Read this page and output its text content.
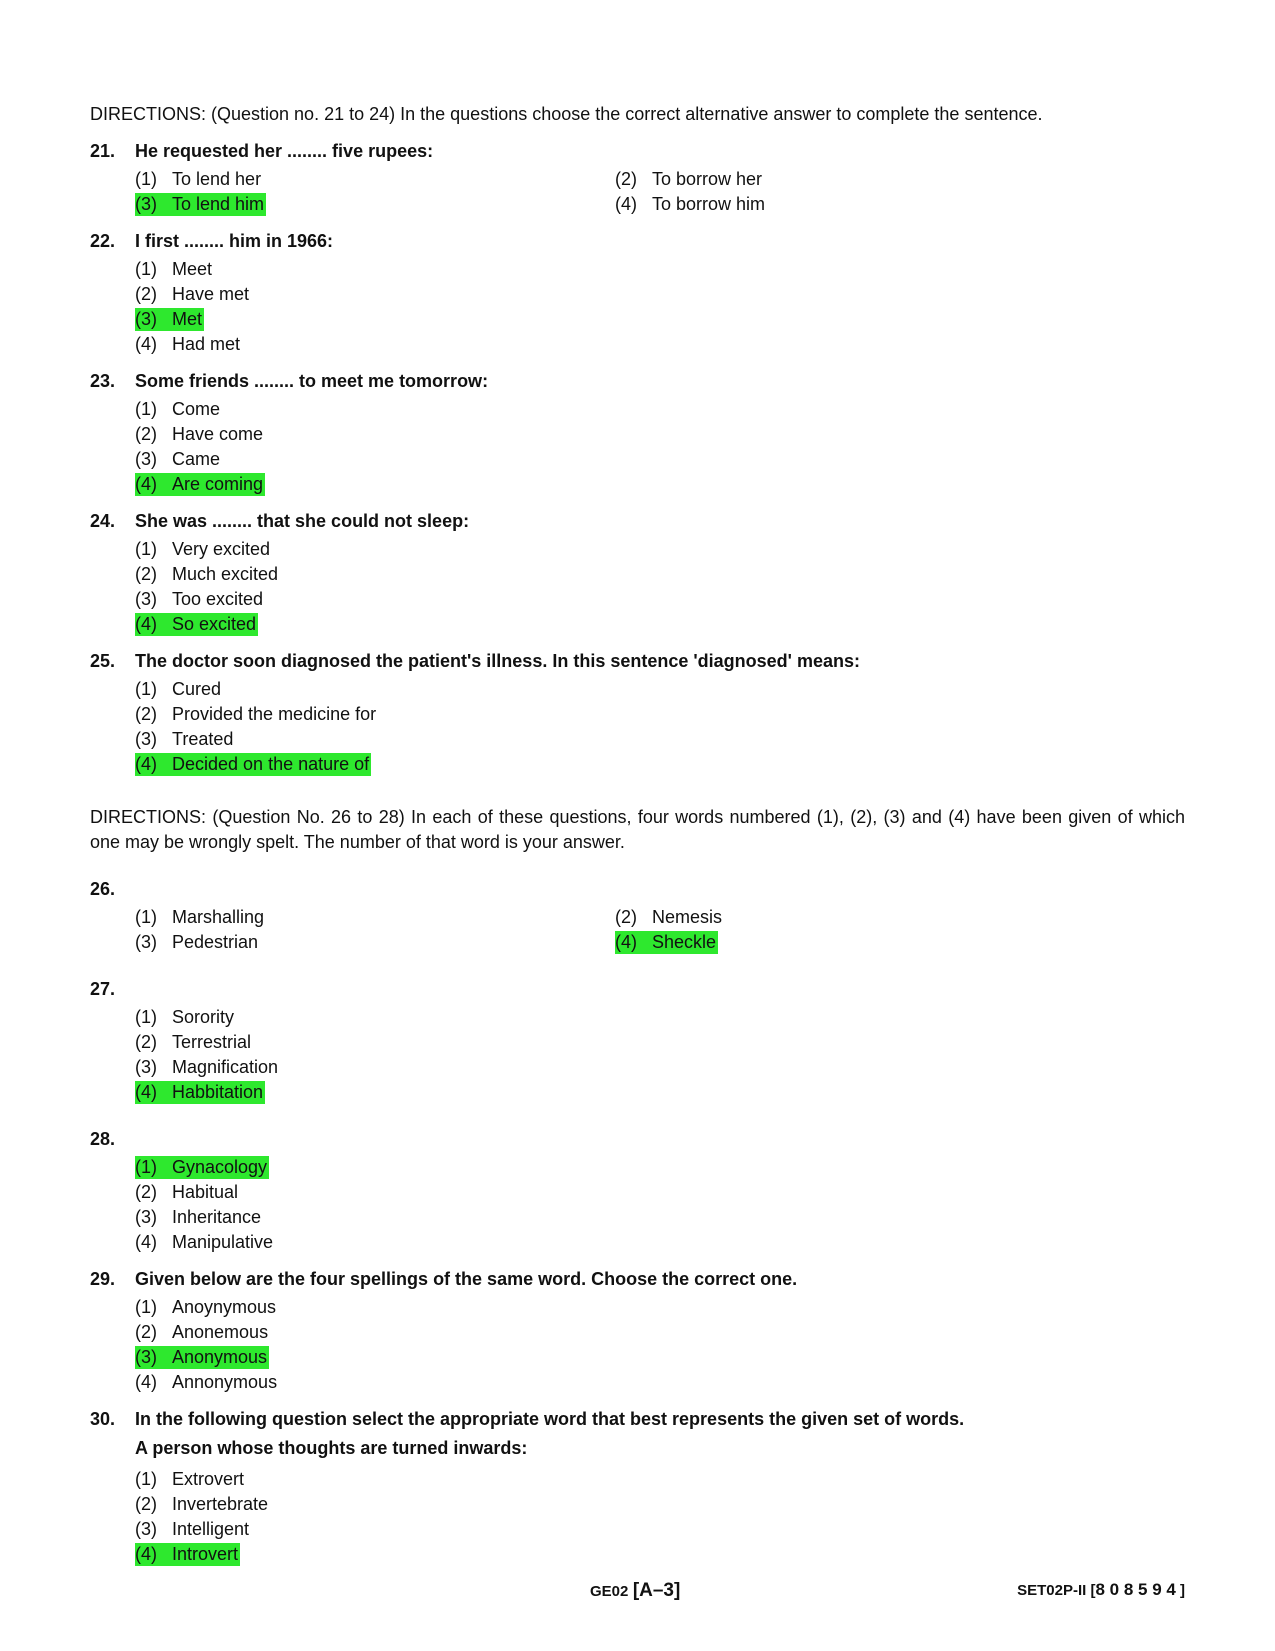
DIRECTIONS: (Question no. 21 to 24) In the questions choose the correct alternative answer to complete the sentence.

21.	He requested her ........ five rupees:
(1) To lend her	(2) To borrow her
(3) To lend him	(4) To borrow him
22.	I first ........ him in 1966:
(1) Meet
(2) Have met
(3) Met
(4) Had met
23.	Some friends ........ to meet me tomorrow:
(1) Come
(2) Have come
(3) Came
(4) Are coming
24.	She was ........ that she could not sleep:
(1) Very excited
(2) Much excited
(3) Too excited
(4) So excited
25.	The doctor soon diagnosed the patient's illness. In this sentence 'diagnosed' means:
(1) Cured
(2) Provided the medicine for
(3) Treated
(4) Decided on the nature of

DIRECTIONS: (Question No. 26 to 28) In each of these questions, four words numbered (1), (2), (3) and (4) have been given of which one may be wrongly spelt. The number of that word is your answer.

26.
(1) Marshalling	(2) Nemesis
(3) Pedestrian	(4) Sheckle
27.
(1) Sorority
(2) Terrestrial
(3) Magnification
(4) Habbitation
28.
(1) Gynacology
(2) Habitual
(3) Inheritance
(4) Manipulative
29.	Given below are the four spellings of the same word. Choose the correct one.
(1) Anoynymous
(2) Anonemous
(3) Anonymous
(4) Annonymous
30.	In the following question select the appropriate word that best represents the given set of words.
A person whose thoughts are turned inwards:
(1) Extrovert
(2) Invertebrate
(3) Intelligent
(4) Introvert
GE02 [A–3]	SET02P-II [8 0 8 5 9 4 ]
